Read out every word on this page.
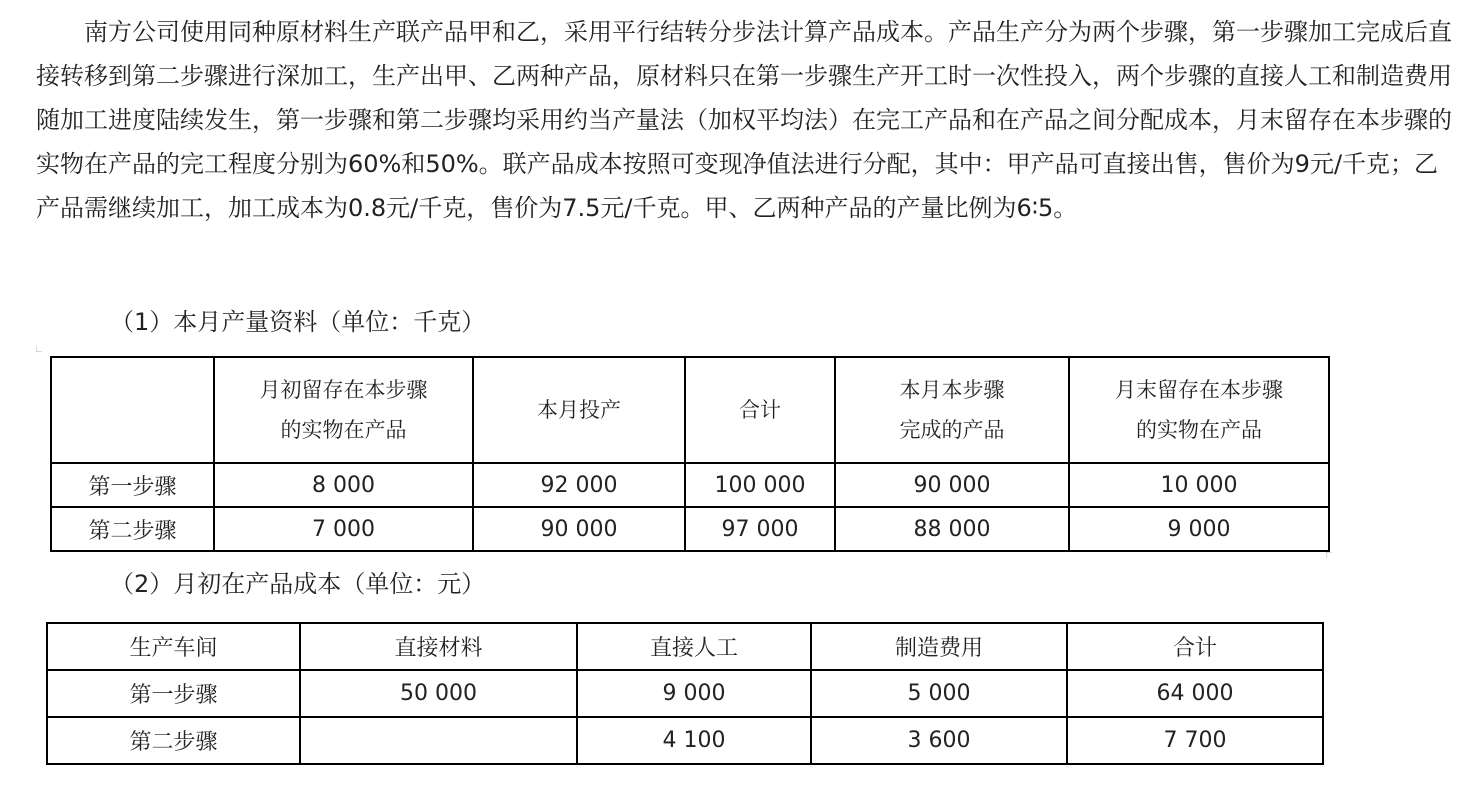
南方公司使用同种原材料生产联产品甲和乙，采用平行结转分步法计算产品成本。产品生产分为两个步骤，第一步骤加工完成后直接转移到第二步骤进行深加工，生产出甲、乙两种产品，原材料只在第一步骤生产开工时一次性投入，两个步骤的直接人工和制造费用随加工进度陆续发生，第一步骤和第二步骤均采用约当产量法（加权平均法）在完工产品和在产品之间分配成本，月末留存在本步骤的实物在产品的完工程度分别为60%和50%。联产品成本按照可变现净值法进行分配，其中：甲产品可直接出售，售价为9元/千克；乙产品需继续加工，加工成本为0.8元/千克，售价为7.5元/千克。甲、乙两种产品的产量比例为6∶5。

（1）本月产量资料（单位：千克）

	月初留存在本步骤
的实物在产品	本月投产	合计	本月本步骤
完成的产品	月末留存在本步骤
的实物在产品

第一步骤	8 000	92 000	100 000	90 000	10 000
第二步骤	7 000	90 000	97 000	88 000	9 000
（2）月初在产品成本（单位：元）
生产车间	直接材料	直接人工	制造费用	合计
第一步骤	50 000	9 000	5 000	64 000
第二步骤		4 100	3 600	7 700
